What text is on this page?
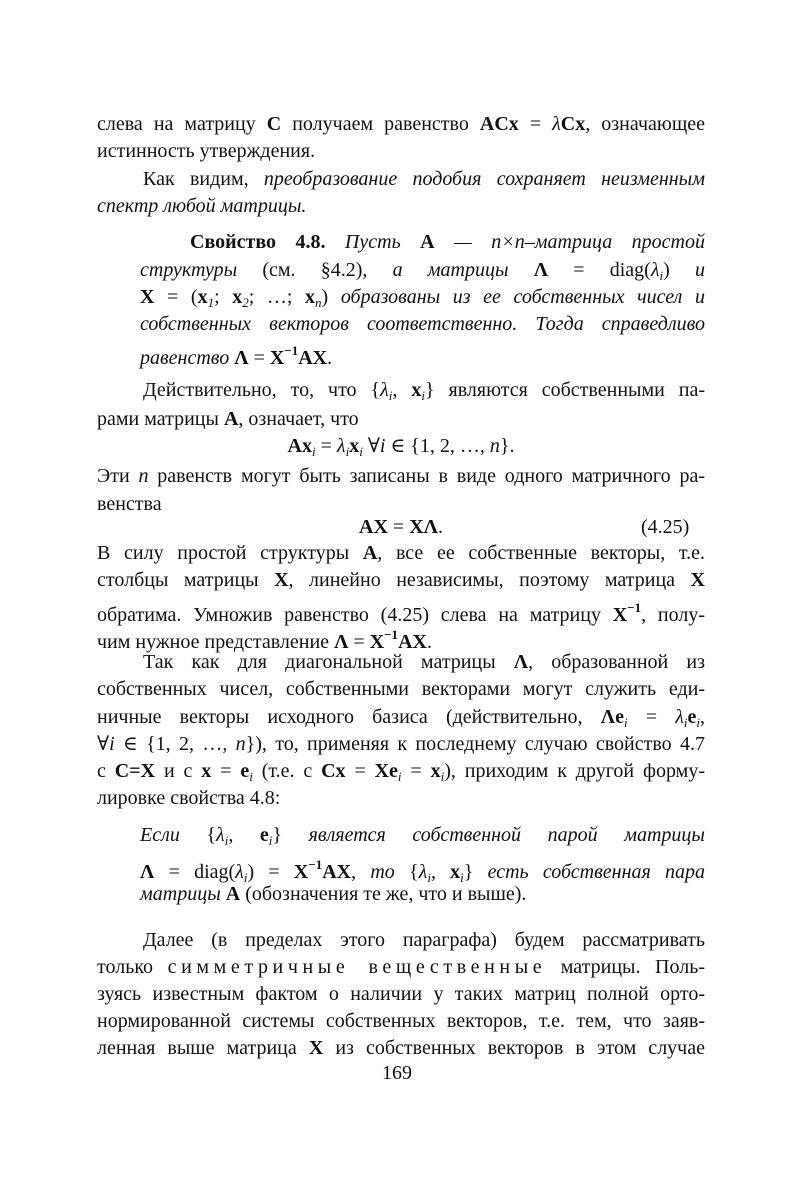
(4.25)
169
слева на матрицу C получаем равенство ACx = λCx, означающее
истинность утверждения.
Как видим, преобразование подобия сохраняет неизменным
спектр любой матрицы.
Свойство 4.8. Пусть A — n×n–матрица простой
структуры (см. §4.2), а матрицы $\Lambda = diag(\lambda_i)$ и
$X = (x_1$; $x_2$; …; $x_n$) образованы из ее собственных чисел и
собственных векторов соответственно. Тогда справедливо
равенство $\Lambda = X^{-1}AX$.
Действительно, то, что {$\lambda_i$, $x_i$} являются собственными па-
рами матрицы A, означает, что
$Ax_i = \lambda_ix_i$ ∀i ∈ {1, 2, …, n}.
Эти n равенств могут быть записаны в виде одного матричного ра-
венства
AX = XΛ.
В силу простой структуры A, все ее собственные векторы, т.е.
столбцы матрицы X, линейно независимы, поэтому матрица X
обратима. Умножив равенство (4.25) слева на матрицу $X^{-1}$, полу-
чим нужное представление $\Lambda = X^{-1}AX$.
Так как для диагональной матрицы Λ, образованной из
собственных чисел, собственными векторами могут служить еди-
ничные векторы исходного базиса (действительно, $\Lambda e_i = \lambda_ie_i$,
∀i ∈ {1, 2, …, n}), то, применяя к последнему случаю свойство 4.7
с C=X и с $x = e_i$ (т.е. с $Cx = Xe_i = x_i$), приходим к другой форму-
лировке свойства 4.8:
Если {$\lambda_i$, $e_i$} является собственной парой матрицы
$\Lambda = diag(\lambda_i) = X^{-1}AX$, то {$\lambda_i$, $x_i$} есть собственная пара
матрицы A (обозначения те же, что и выше).
Далее (в пределах этого параграфа) будем рассматривать
только симметричные вещественные матрицы. Поль-
зуясь известным фактом о наличии у таких матриц полной орто-
нормированной системы собственных векторов, т.е. тем, что заяв-
ленная выше матрица X из собственных векторов в этом случае
